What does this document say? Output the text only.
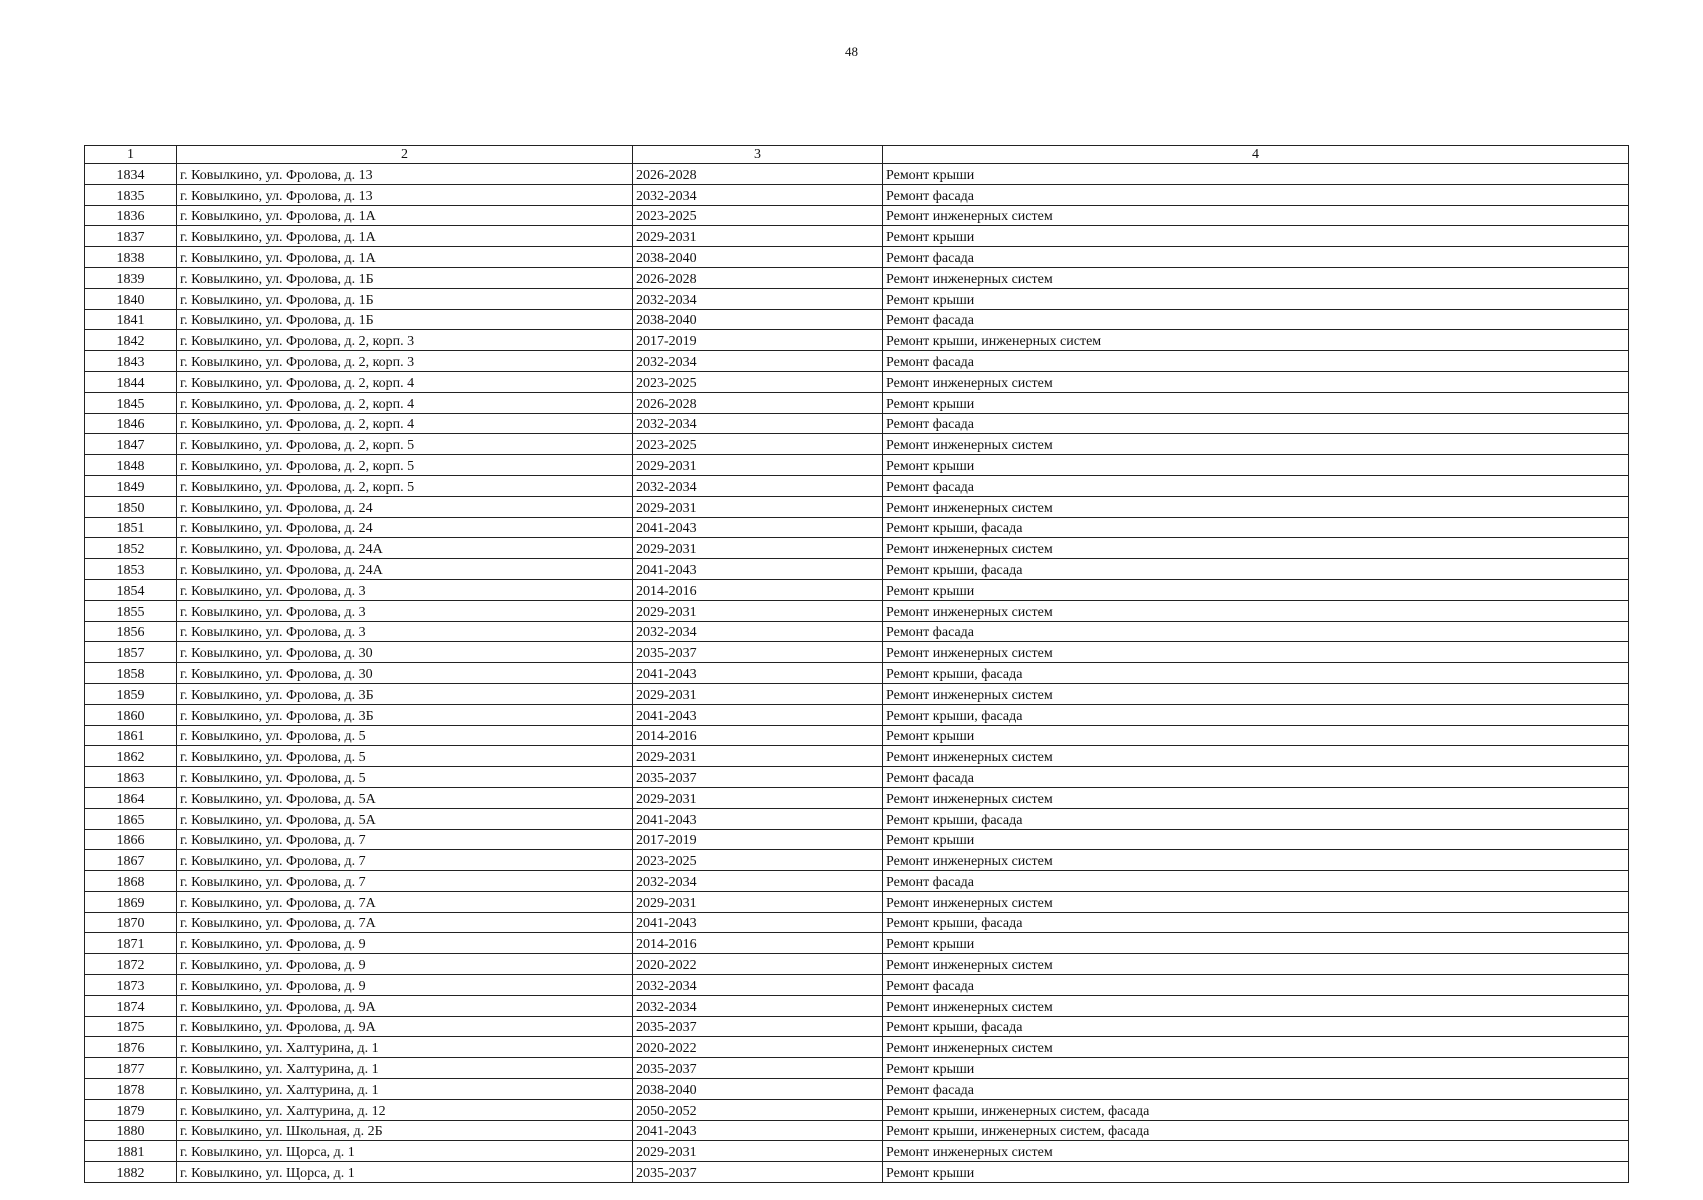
48
1	2	3	4
1834	г. Ковылкино, ул. Фролова, д. 13	2026-2028	Ремонт крыши
1835	г. Ковылкино, ул. Фролова, д. 13	2032-2034	Ремонт фасада
1836	г. Ковылкино, ул. Фролова, д. 1А	2023-2025	Ремонт инженерных систем
1837	г. Ковылкино, ул. Фролова, д. 1А	2029-2031	Ремонт крыши
1838	г. Ковылкино, ул. Фролова, д. 1А	2038-2040	Ремонт фасада
1839	г. Ковылкино, ул. Фролова, д. 1Б	2026-2028	Ремонт инженерных систем
1840	г. Ковылкино, ул. Фролова, д. 1Б	2032-2034	Ремонт крыши
1841	г. Ковылкино, ул. Фролова, д. 1Б	2038-2040	Ремонт фасада
1842	г. Ковылкино, ул. Фролова, д. 2, корп. 3	2017-2019	Ремонт крыши, инженерных систем
1843	г. Ковылкино, ул. Фролова, д. 2, корп. 3	2032-2034	Ремонт фасада
1844	г. Ковылкино, ул. Фролова, д. 2, корп. 4	2023-2025	Ремонт инженерных систем
1845	г. Ковылкино, ул. Фролова, д. 2, корп. 4	2026-2028	Ремонт крыши
1846	г. Ковылкино, ул. Фролова, д. 2, корп. 4	2032-2034	Ремонт фасада
1847	г. Ковылкино, ул. Фролова, д. 2, корп. 5	2023-2025	Ремонт инженерных систем
1848	г. Ковылкино, ул. Фролова, д. 2, корп. 5	2029-2031	Ремонт крыши
1849	г. Ковылкино, ул. Фролова, д. 2, корп. 5	2032-2034	Ремонт фасада
1850	г. Ковылкино, ул. Фролова, д. 24	2029-2031	Ремонт инженерных систем
1851	г. Ковылкино, ул. Фролова, д. 24	2041-2043	Ремонт крыши, фасада
1852	г. Ковылкино, ул. Фролова, д. 24А	2029-2031	Ремонт инженерных систем
1853	г. Ковылкино, ул. Фролова, д. 24А	2041-2043	Ремонт крыши, фасада
1854	г. Ковылкино, ул. Фролова, д. 3	2014-2016	Ремонт крыши
1855	г. Ковылкино, ул. Фролова, д. 3	2029-2031	Ремонт инженерных систем
1856	г. Ковылкино, ул. Фролова, д. 3	2032-2034	Ремонт фасада
1857	г. Ковылкино, ул. Фролова, д. 30	2035-2037	Ремонт инженерных систем
1858	г. Ковылкино, ул. Фролова, д. 30	2041-2043	Ремонт крыши, фасада
1859	г. Ковылкино, ул. Фролова, д. 3Б	2029-2031	Ремонт инженерных систем
1860	г. Ковылкино, ул. Фролова, д. 3Б	2041-2043	Ремонт крыши, фасада
1861	г. Ковылкино, ул. Фролова, д. 5	2014-2016	Ремонт крыши
1862	г. Ковылкино, ул. Фролова, д. 5	2029-2031	Ремонт инженерных систем
1863	г. Ковылкино, ул. Фролова, д. 5	2035-2037	Ремонт фасада
1864	г. Ковылкино, ул. Фролова, д. 5А	2029-2031	Ремонт инженерных систем
1865	г. Ковылкино, ул. Фролова, д. 5А	2041-2043	Ремонт крыши, фасада
1866	г. Ковылкино, ул. Фролова, д. 7	2017-2019	Ремонт крыши
1867	г. Ковылкино, ул. Фролова, д. 7	2023-2025	Ремонт инженерных систем
1868	г. Ковылкино, ул. Фролова, д. 7	2032-2034	Ремонт фасада
1869	г. Ковылкино, ул. Фролова, д. 7А	2029-2031	Ремонт инженерных систем
1870	г. Ковылкино, ул. Фролова, д. 7А	2041-2043	Ремонт крыши, фасада
1871	г. Ковылкино, ул. Фролова, д. 9	2014-2016	Ремонт крыши
1872	г. Ковылкино, ул. Фролова, д. 9	2020-2022	Ремонт инженерных систем
1873	г. Ковылкино, ул. Фролова, д. 9	2032-2034	Ремонт фасада
1874	г. Ковылкино, ул. Фролова, д. 9А	2032-2034	Ремонт инженерных систем
1875	г. Ковылкино, ул. Фролова, д. 9А	2035-2037	Ремонт крыши, фасада
1876	г. Ковылкино, ул. Халтурина, д. 1	2020-2022	Ремонт инженерных систем
1877	г. Ковылкино, ул. Халтурина, д. 1	2035-2037	Ремонт крыши
1878	г. Ковылкино, ул. Халтурина, д. 1	2038-2040	Ремонт фасада
1879	г. Ковылкино, ул. Халтурина, д. 12	2050-2052	Ремонт крыши, инженерных систем, фасада
1880	г. Ковылкино, ул. Школьная, д. 2Б	2041-2043	Ремонт крыши, инженерных систем, фасада
1881	г. Ковылкино, ул. Щорса, д. 1	2029-2031	Ремонт инженерных систем
1882	г. Ковылкино, ул. Щорса, д. 1	2035-2037	Ремонт крыши
